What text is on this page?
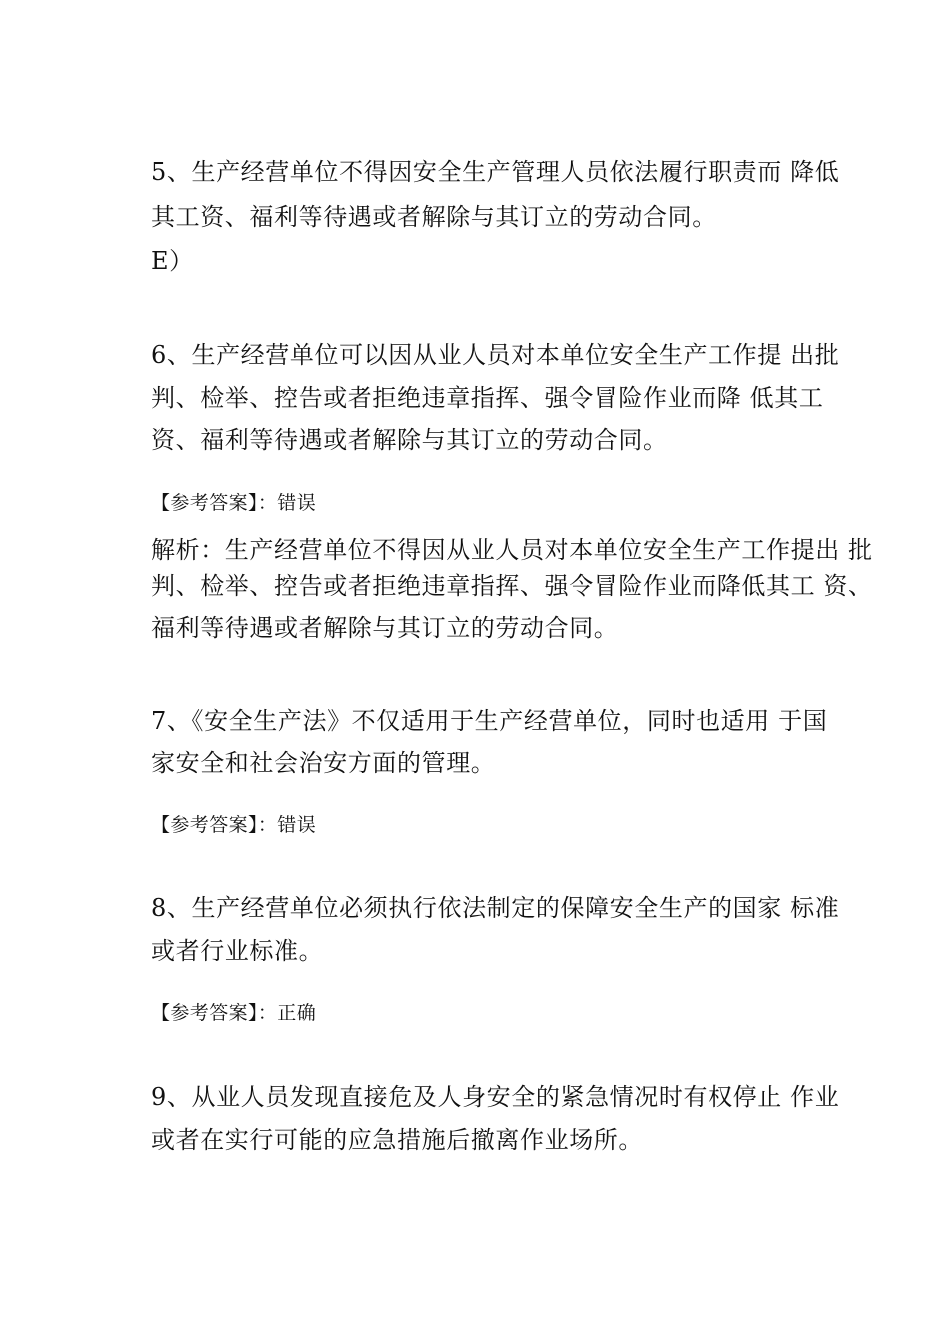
5、生产经营单位不得因安全生产管理人员依法履行职责而 降低
其工资、福利等待遇或者解除与其订立的劳动合同。
E）
6、生产经营单位可以因从业人员对本单位安全生产工作提 出批
判、检举、控告或者拒绝违章指挥、强令冒险作业而降 低其工
资、福利等待遇或者解除与其订立的劳动合同。
【参考答案】：错误
解析：生产经营单位不得因从业人员对本单位安全生产工作提出 批
判、检举、控告或者拒绝违章指挥、强令冒险作业而降低其工 资、
福利等待遇或者解除与其订立的劳动合同。
7、《安全生产法》不仅适用于生产经营单位，同时也适用 于国
家安全和社会治安方面的管理。
【参考答案】：错误
8、生产经营单位必须执行依法制定的保障安全生产的国家 标准
或者行业标准。
【参考答案】：正确
9、从业人员发现直接危及人身安全的紧急情况时有权停止 作业
或者在实行可能的应急措施后撤离作业场所。
